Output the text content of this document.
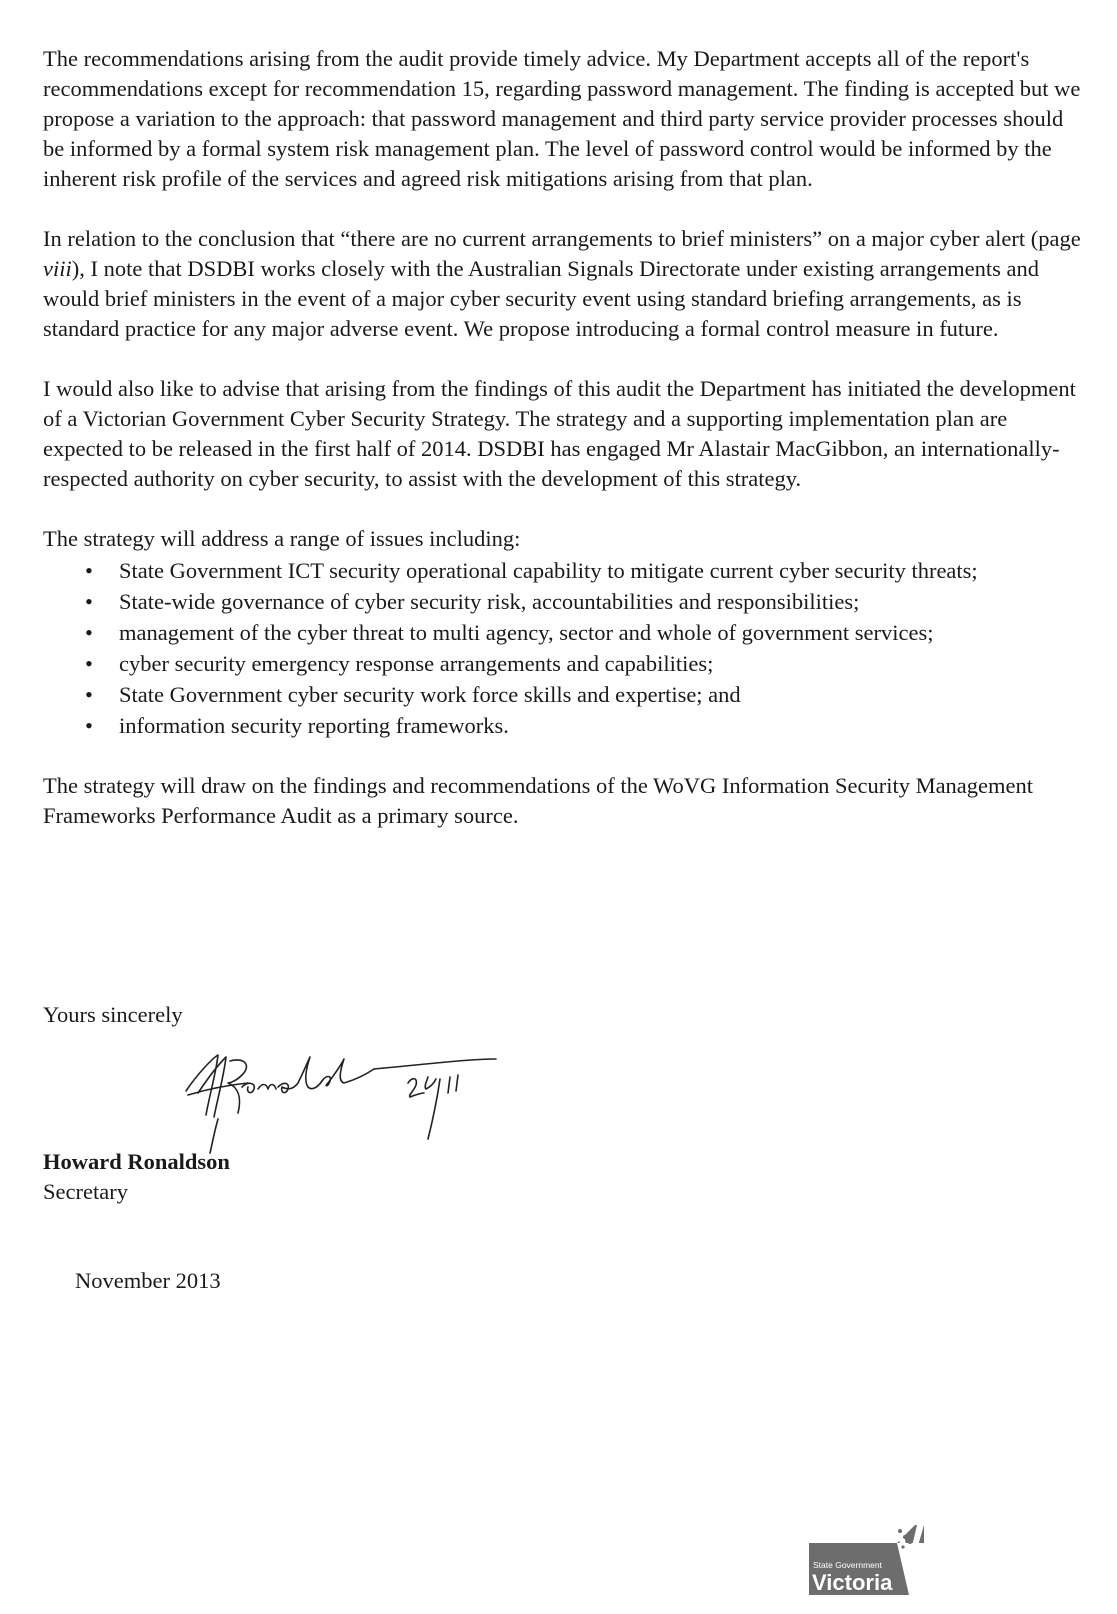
The recommendations arising from the audit provide timely advice. My Department accepts all of the report's recommendations except for recommendation 15, regarding password management. The finding is accepted but we propose a variation to the approach: that password management and third party service provider processes should be informed by a formal system risk management plan. The level of password control would be informed by the inherent risk profile of the services and agreed risk mitigations arising from that plan.

In relation to the conclusion that “there are no current arrangements to brief ministers” on a major cyber alert (page viii), I note that DSDBI works closely with the Australian Signals Directorate under existing arrangements and would brief ministers in the event of a major cyber security event using standard briefing arrangements, as is standard practice for any major adverse event. We propose introducing a formal control measure in future.

I would also like to advise that arising from the findings of this audit the Department has initiated the development of a Victorian Government Cyber Security Strategy. The strategy and a supporting implementation plan are expected to be released in the first half of 2014. DSDBI has engaged Mr Alastair MacGibbon, an internationally-respected authority on cyber security, to assist with the development of this strategy.

The strategy will address a range of issues including:

• State Government ICT security operational capability to mitigate current cyber security threats;
• State-wide governance of cyber security risk, accountabilities and responsibilities;
• management of the cyber threat to multi agency, sector and whole of government services;
• cyber security emergency response arrangements and capabilities;
• State Government cyber security work force skills and expertise; and
• information security reporting frameworks.

The strategy will draw on the findings and recommendations of the WoVG Information Security Management Frameworks Performance Audit as a primary source.

Yours sincerely
Howard Ronaldson
Secretary
November 2013
State Government
Victoria
